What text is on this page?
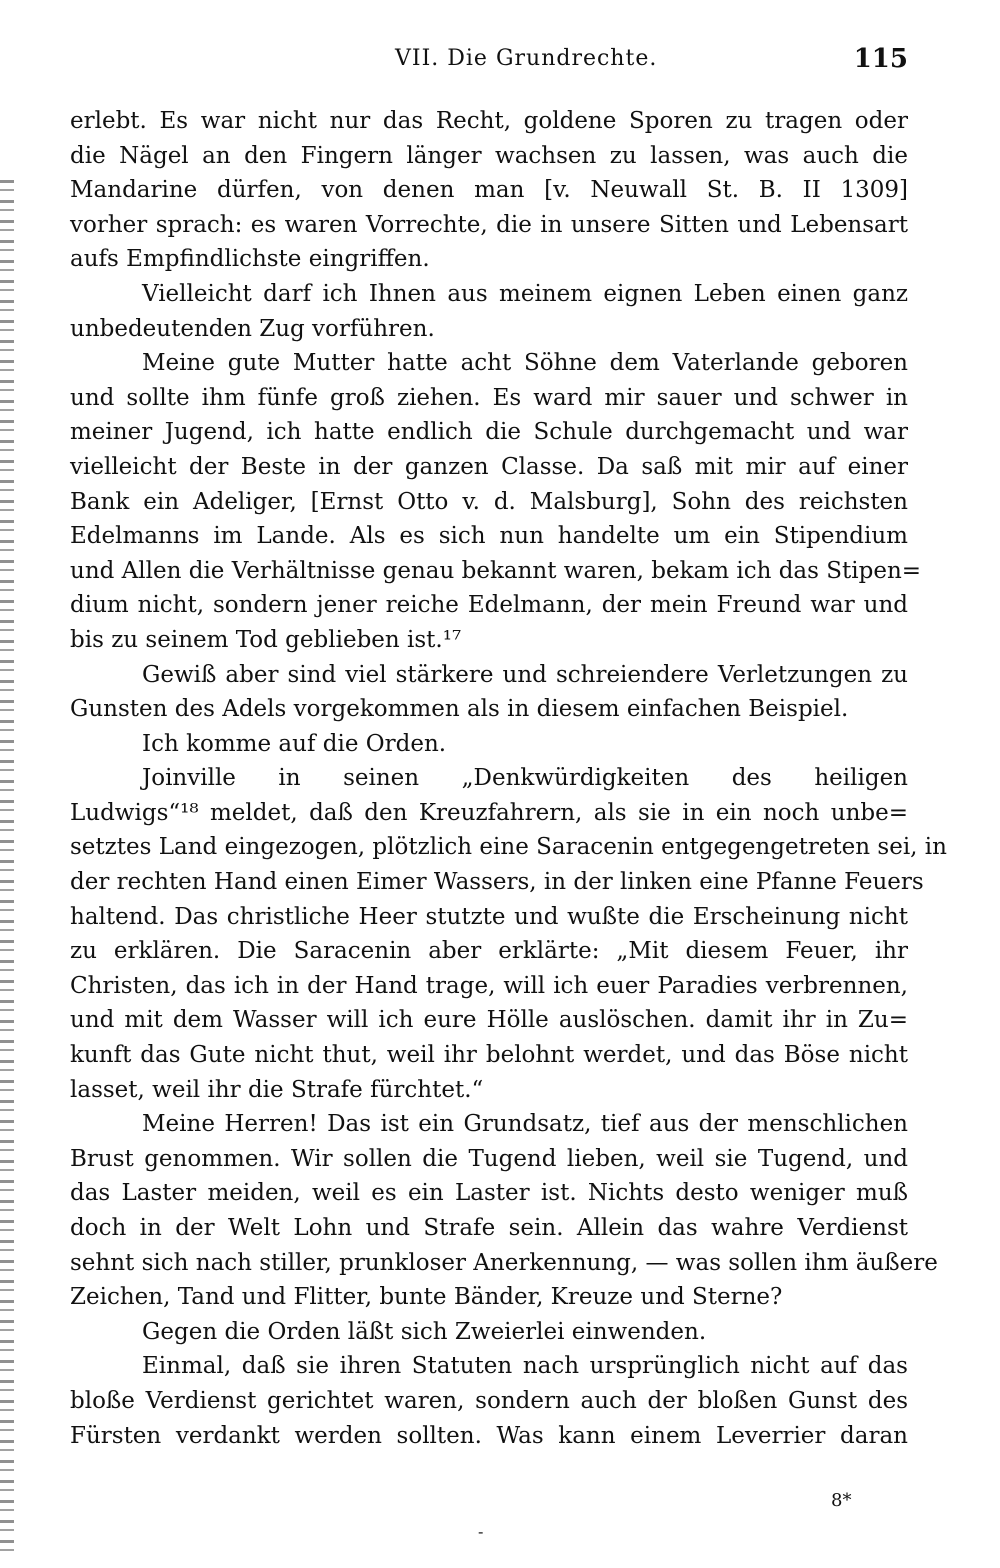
VII. Die Grundrechte.	115
erlebt. Es war nicht nur das Recht, goldene Sporen zu tragen oder
die Nägel an den Fingern länger wachsen zu lassen, was auch die
Mandarine dürfen, von denen man [v. Neuwall St. B. II 1309]
vorher sprach: es waren Vorrechte, die in unsere Sitten und Lebensart
aufs Empfindlichste eingriffen.
Vielleicht darf ich Ihnen aus meinem eignen Leben einen ganz
unbedeutenden Zug vorführen.
Meine gute Mutter hatte acht Söhne dem Vaterlande geboren
und sollte ihm fünfe groß ziehen. Es ward mir sauer und schwer in
meiner Jugend, ich hatte endlich die Schule durchgemacht und war
vielleicht der Beste in der ganzen Classe. Da saß mit mir auf einer
Bank ein Adeliger, [Ernst Otto v. d. Malsburg], Sohn des reichsten
Edelmanns im Lande. Als es sich nun handelte um ein Stipendium
und Allen die Verhältnisse genau bekannt waren, bekam ich das Stipen=
dium nicht, sondern jener reiche Edelmann, der mein Freund war und
bis zu seinem Tod geblieben ist.¹⁷
Gewiß aber sind viel stärkere und schreiendere Verletzungen zu
Gunsten des Adels vorgekommen als in diesem einfachen Beispiel.
Ich komme auf die Orden.
Joinville in seinen „Denkwürdigkeiten des heiligen
Ludwigs“¹⁸ meldet, daß den Kreuzfahrern, als sie in ein noch unbe=
setztes Land eingezogen, plötzlich eine Saracenin entgegengetreten sei, in
der rechten Hand einen Eimer Wassers, in der linken eine Pfanne Feuers
haltend. Das christliche Heer stutzte und wußte die Erscheinung nicht
zu erklären. Die Saracenin aber erklärte: „Mit diesem Feuer, ihr
Christen, das ich in der Hand trage, will ich euer Paradies verbrennen,
und mit dem Wasser will ich eure Hölle auslöschen. damit ihr in Zu=
kunft das Gute nicht thut, weil ihr belohnt werdet, und das Böse nicht
lasset, weil ihr die Strafe fürchtet.“
Meine Herren! Das ist ein Grundsatz, tief aus der menschlichen
Brust genommen. Wir sollen die Tugend lieben, weil sie Tugend, und
das Laster meiden, weil es ein Laster ist. Nichts desto weniger muß
doch in der Welt Lohn und Strafe sein. Allein das wahre Verdienst
sehnt sich nach stiller, prunkloser Anerkennung, — was sollen ihm äußere
Zeichen, Tand und Flitter, bunte Bänder, Kreuze und Sterne?
Gegen die Orden läßt sich Zweierlei einwenden.
Einmal, daß sie ihren Statuten nach ursprünglich nicht auf das
bloße Verdienst gerichtet waren, sondern auch der bloßen Gunst des
Fürsten verdankt werden sollten. Was kann einem Leverrier daran
8*
-
